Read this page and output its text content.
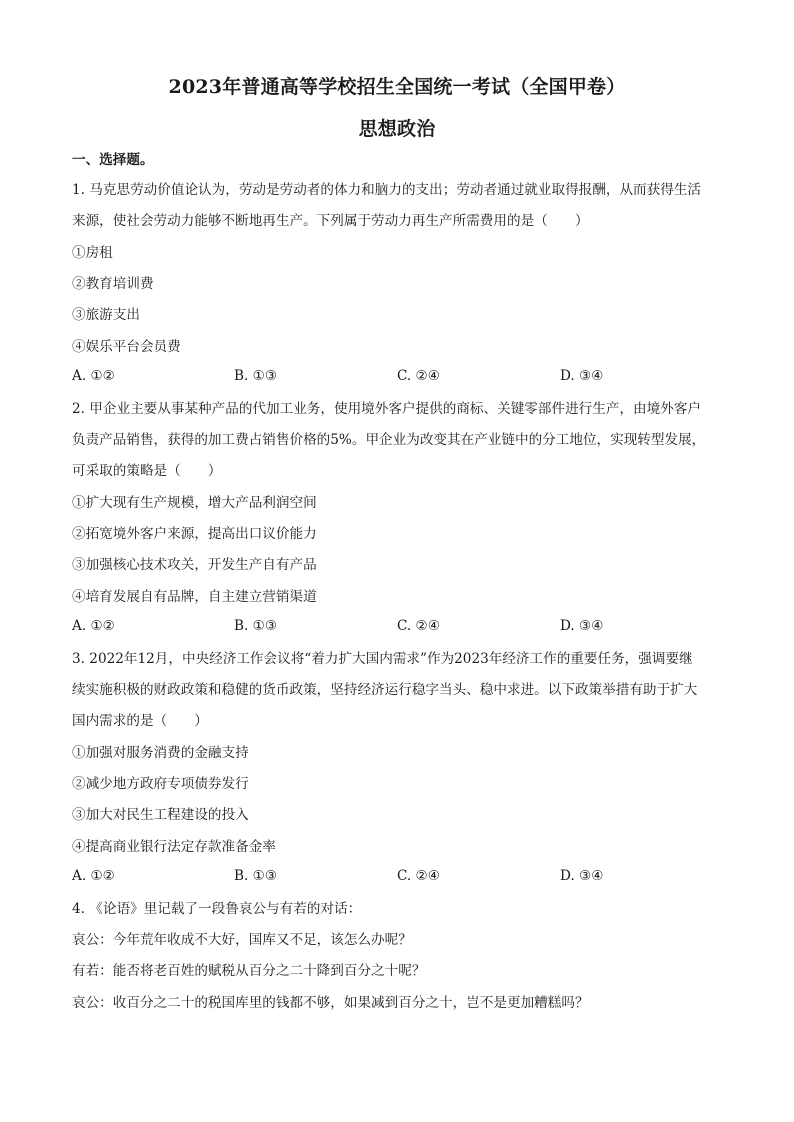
2023年普通高等学校招生全国统一考试（全国甲卷）
思想政治
一、选择题。
1. 马克思劳动价值论认为，劳动是劳动者的体力和脑力的支出；劳动者通过就业取得报酬，从而获得生活
来源，使社会劳动力能够不断地再生产。下列属于劳动力再生产所需费用的是（　　）
①房租
②教育培训费
③旅游支出
④娱乐平台会员费
A. ①②	B. ①③	C. ②④	D. ③④
2. 甲企业主要从事某种产品的代加工业务，使用境外客户提供的商标、关键零部件进行生产，由境外客户
负责产品销售，获得的加工费占销售价格的5%。甲企业为改变其在产业链中的分工地位，实现转型发展，
可采取的策略是（　　）
①扩大现有生产规模，增大产品利润空间
②拓宽境外客户来源，提高出口议价能力
③加强核心技术攻关，开发生产自有产品
④培育发展自有品牌，自主建立营销渠道
A. ①②	B. ①③	C. ②④	D. ③④
3. 2022年12月，中央经济工作会议将“着力扩大国内需求”作为2023年经济工作的重要任务，强调要继
续实施积极的财政政策和稳健的货币政策，坚持经济运行稳字当头、稳中求进。以下政策举措有助于扩大
国内需求的是（　　）
①加强对服务消费的金融支持
②减少地方政府专项债券发行
③加大对民生工程建设的投入
④提高商业银行法定存款准备金率
A. ①②	B. ①③	C. ②④	D. ③④
4. 《论语》里记载了一段鲁哀公与有若的对话：
哀公：今年荒年收成不大好，国库又不足，该怎么办呢？
有若：能否将老百姓的赋税从百分之二十降到百分之十呢？
哀公：收百分之二十的税国库里的钱都不够，如果减到百分之十，岂不是更加糟糕吗？
